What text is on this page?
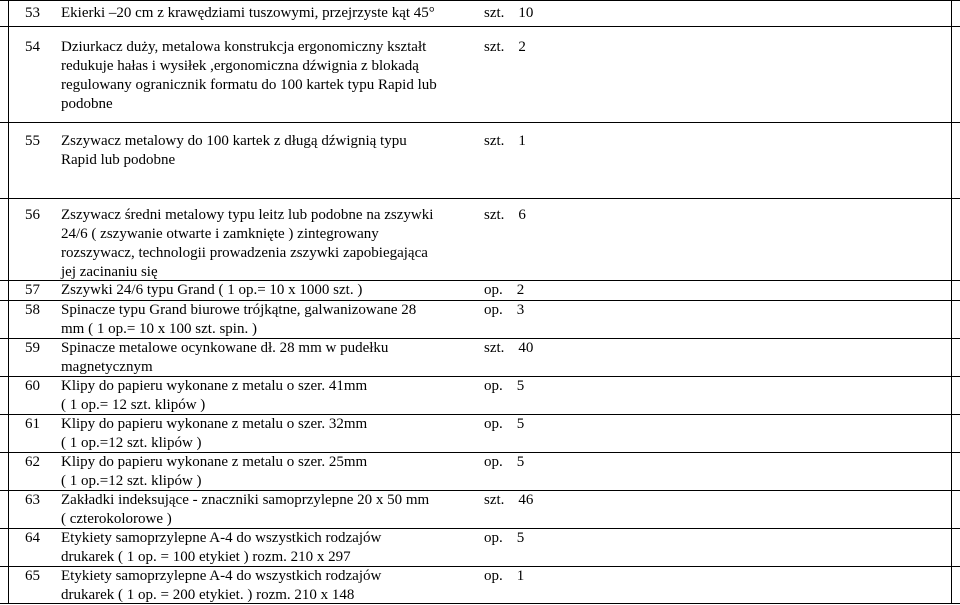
53 Ekierki –20 cm z krawędziami tuszowymi, przejrzyste kąt 45°	szt. 10
54 Dziurkacz duży, metalowa konstrukcja ergonomiczny kształt
redukuje hałas i wysiłek ,ergonomiczna dźwignia z blokadą
regulowany ogranicznik formatu do 100 kartek typu Rapid lub
podobne
szt. 2
55 Zszywacz metalowy do 100 kartek z długą dźwignią typu
Rapid lub podobne
szt. 1
56 Zszywacz średni metalowy typu leitz lub podobne na zszywki
24/6 ( zszywanie otwarte i zamknięte ) zintegrowany
rozszywacz, technologii prowadzenia zszywki zapobiegająca
jej zacinaniu się
szt. 6
57 Zszywki 24/6 typu Grand ( 1 op.= 10 x 1000 szt. )	op. 2
58 Spinacze typu Grand biurowe trójkątne, galwanizowane 28
mm ( 1 op.= 10 x 100 szt. spin. )
op. 3
59 Spinacze metalowe ocynkowane dł. 28 mm w pudełku
magnetycznym
szt. 40
60 Klipy do papieru wykonane z metalu o szer. 41mm
( 1 op.= 12 szt. klipów )
op. 5
61 Klipy do papieru wykonane z metalu o szer. 32mm
( 1 op.=12 szt. klipów )
op. 5
62 Klipy do papieru wykonane z metalu o szer. 25mm
( 1 op.=12 szt. klipów )
op. 5
63 Zakładki indeksujące - znaczniki samoprzylepne 20 x 50 mm
( czterokolorowe )
szt. 46
64 Etykiety samoprzylepne A-4 do wszystkich rodzajów
drukarek ( 1 op. = 100 etykiet ) rozm. 210 x 297
op. 5
65 Etykiety samoprzylepne A-4 do wszystkich rodzajów
drukarek ( 1 op. = 200 etykiet. ) rozm. 210 x 148
op. 1
